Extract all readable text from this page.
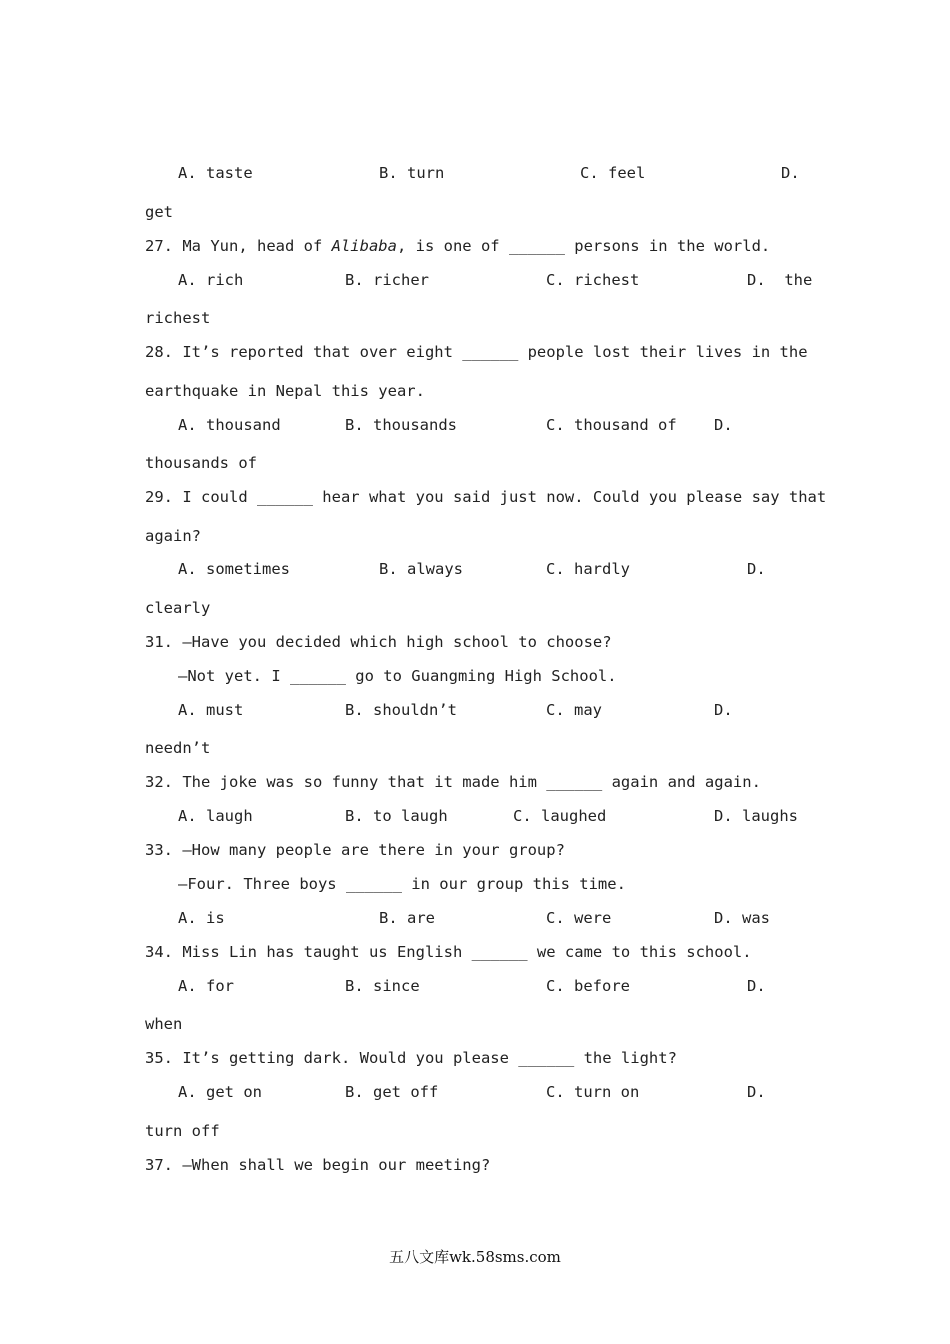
A. taste	B. turn	C. feel	D.
get
27. Ma Yun, head of Alibaba, is one of ______ persons in the world.
A. rich	B. richer	C. richest	D.  the
richest
28. It’s reported that over eight ______ people lost their lives in the
earthquake in Nepal this year.
A. thousand	B. thousands	C. thousand of D.
thousands of
29. I could ______ hear what you said just now. Could you please say that
again?
A. sometimes	B. always	C. hardly	D.
clearly
31. —Have you decided which high school to choose?
—Not yet. I ______ go to Guangming High School.
A. must	B. shouldn’t	C. may	D.
needn’t
32. The joke was so funny that it made him ______ again and again.
A. laugh	B. to laugh	C. laughed	D. laughs
33. —How many people are there in your group?
—Four. Three boys ______ in our group this time.
A. is	B. are	C. were	D. was
34. Miss Lin has taught us English ______ we came to this school.
A. for	B. since	C. before	D.
when
35. It’s getting dark. Would you please ______ the light?
A. get on	B. get off	C. turn on	D.
turn off
37. —When shall we begin our meeting?
五八文库wk.58sms.com
